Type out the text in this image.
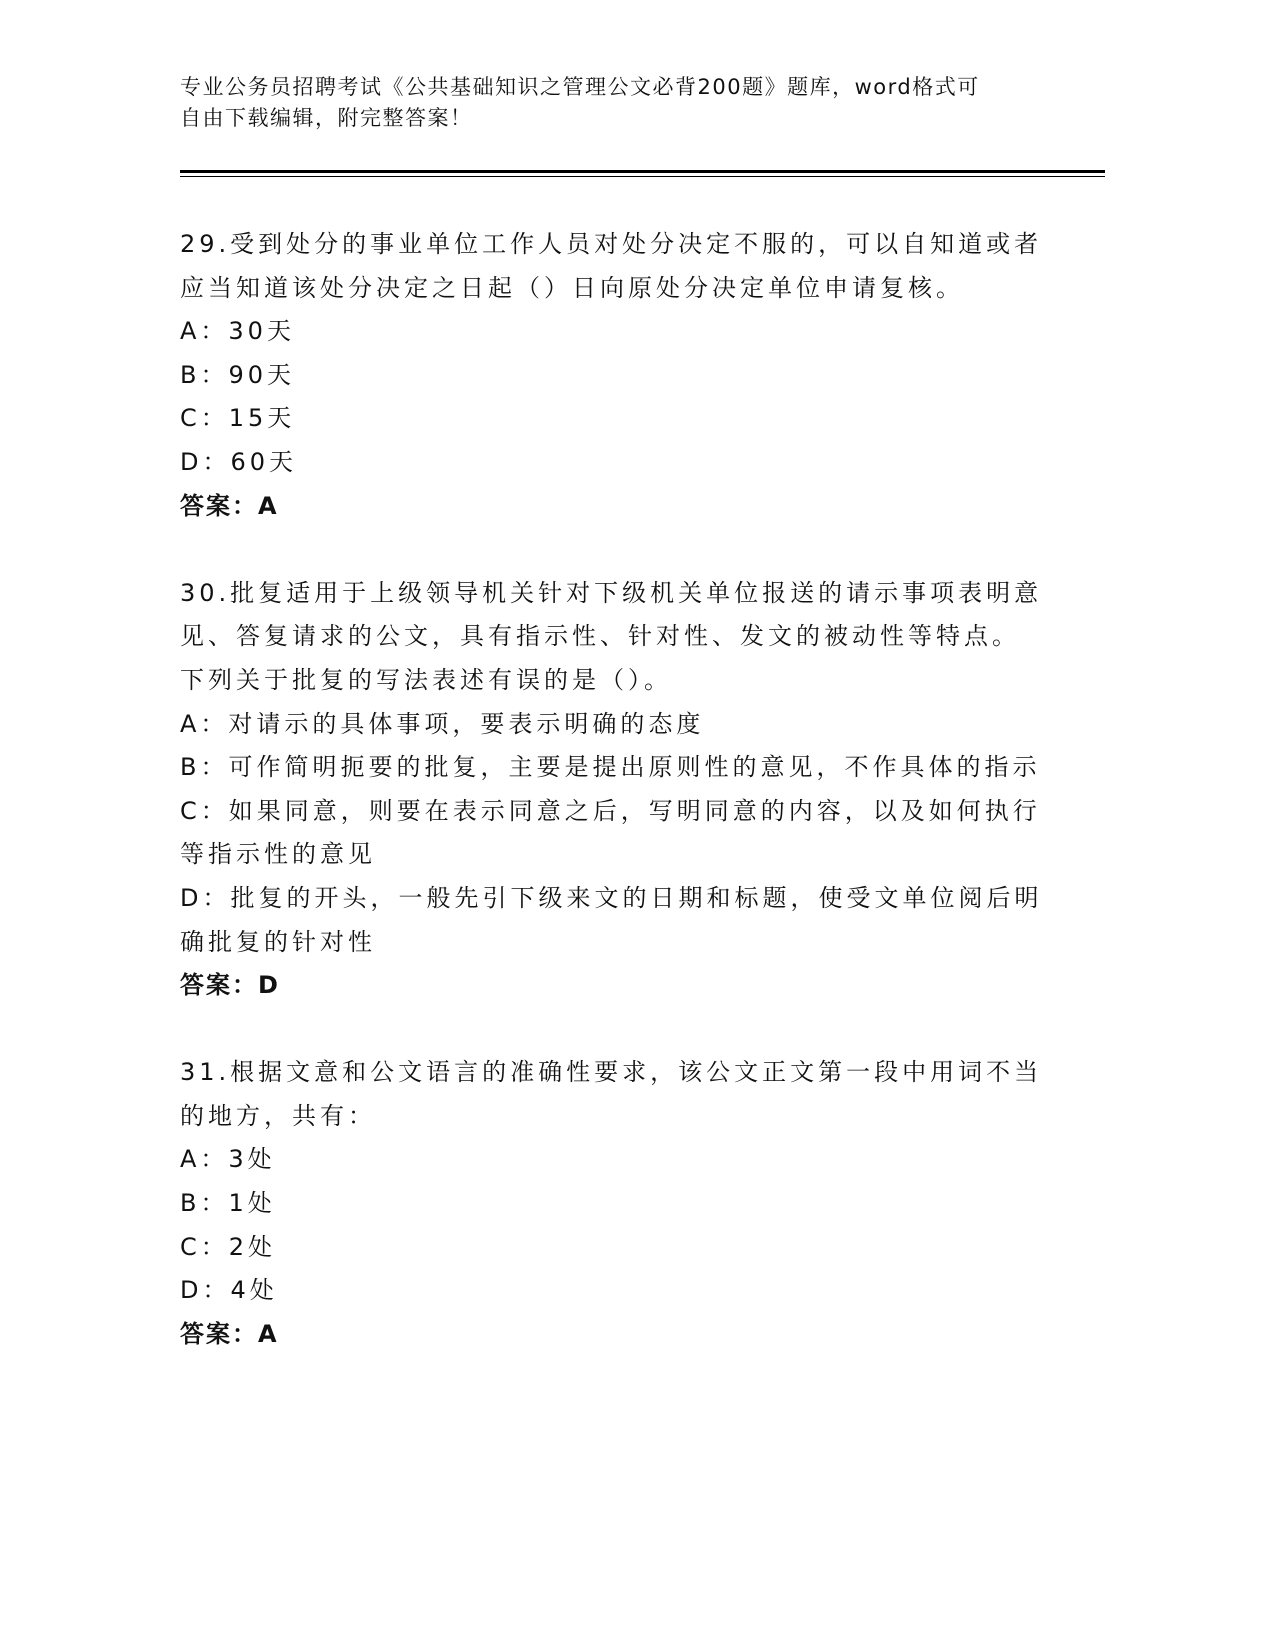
专业公务员招聘考试《公共基础知识之管理公文必背200题》题库，word格式可
自由下载编辑，附完整答案！
29.受到处分的事业单位工作人员对处分决定不服的，可以自知道或者
应当知道该处分决定之日起（）日向原处分决定单位申请复核。
A：30天
B：90天
C：15天
D：60天
答案：A
30.批复适用于上级领导机关针对下级机关单位报送的请示事项表明意
见、答复请求的公文，具有指示性、针对性、发文的被动性等特点。
下列关于批复的写法表述有误的是（）。
A：对请示的具体事项，要表示明确的态度
B：可作简明扼要的批复，主要是提出原则性的意见，不作具体的指示
C：如果同意，则要在表示同意之后，写明同意的内容，以及如何执行
等指示性的意见
D：批复的开头，一般先引下级来文的日期和标题，使受文单位阅后明
确批复的针对性
答案：D
31.根据文意和公文语言的准确性要求，该公文正文第一段中用词不当
的地方，共有：
A：3处
B：1处
C：2处
D：4处
答案：A
